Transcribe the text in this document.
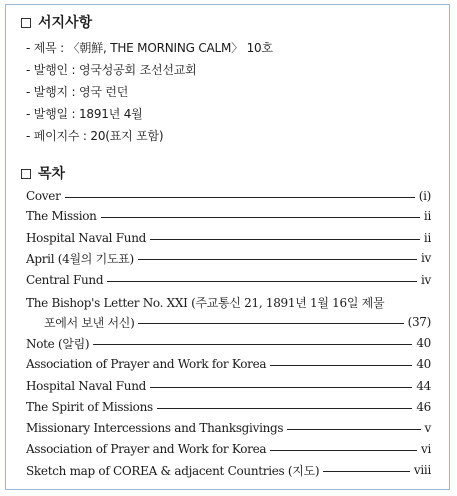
서지사항
- 제목 : 〈朝鮮, THE MORNING CALM〉 10호
- 발행인 : 영국성공회 조선선교회
- 발행지 : 영국 런던
- 발행일 : 1891년 4월
- 페이지수 : 20(표지 포함)
목차
Cover	(i)
The Mission	ii
Hospital Naval Fund	ii
April (4월의 기도표)	iv
Central Fund	iv
The Bishop's Letter No. XXI (주교통신 21, 1891년 1월 16일 제물
포에서 보낸 서신)	(37)
Note (알림)	40
Association of Prayer and Work for Korea	40
Hospital Naval Fund	44
The Spirit of Missions	46
Missionary Intercessions and Thanksgivings	v
Association of Prayer and Work for Korea	vi
Sketch map of COREA & adjacent Countries (지도)	viii
